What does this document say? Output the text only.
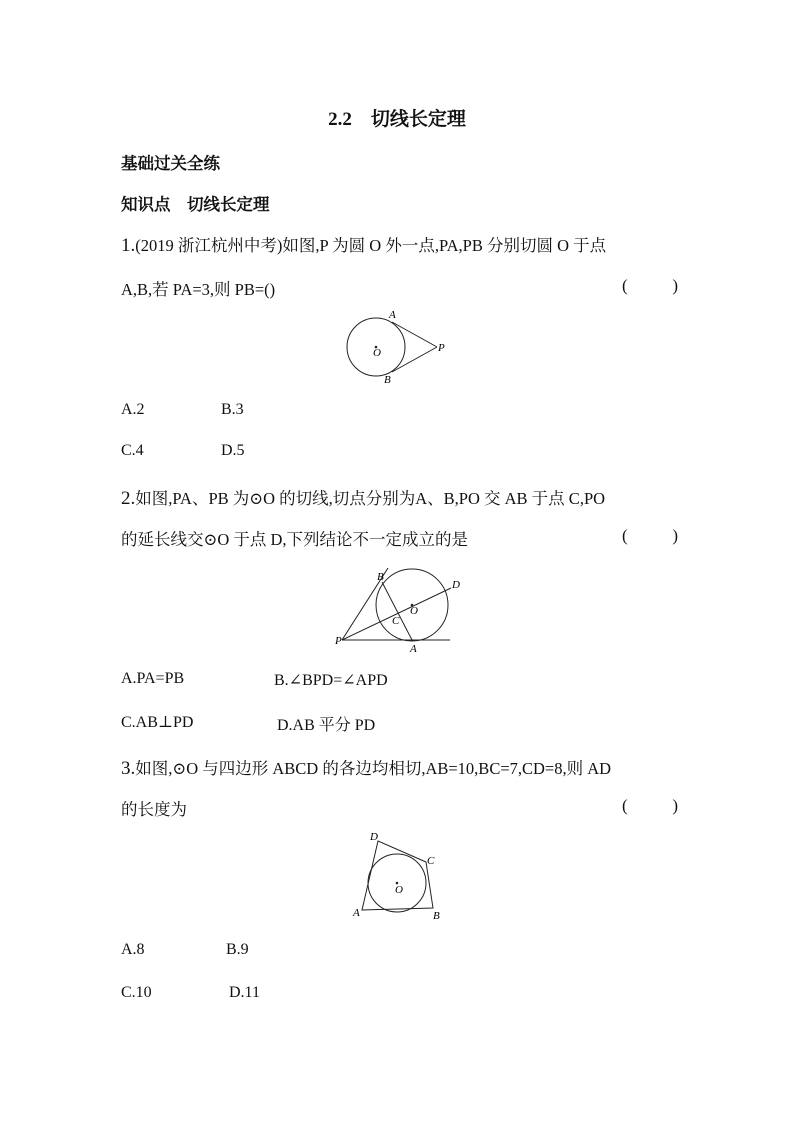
2.2　切线长定理
基础过关全练
知识点　切线长定理
1.(2019 浙江杭州中考)如图,P 为圆 O 外一点,PA,PB 分别切圆 O 于点
A,B,若 PA=3,则 PB=()	(	)
O
A
B
P
A.2	B.3
C.4	D.5
2.如图,PA、PB 为⊙O 的切线,切点分别为A、B,PO 交 AB 于点 C,PO
的延长线交⊙O 于点 D,下列结论不一定成立的是	(	)
B
D
O
C
P
A
A.PA=PB	B.∠BPD=∠APD
C.AB⊥PD	D.AB 平分 PD
3.如图,⊙O 与四边形 ABCD 的各边均相切,AB=10,BC=7,CD=8,则 AD
的长度为	(	)
O
D
C
A	B
A.8	B.9
C.10	D.11
